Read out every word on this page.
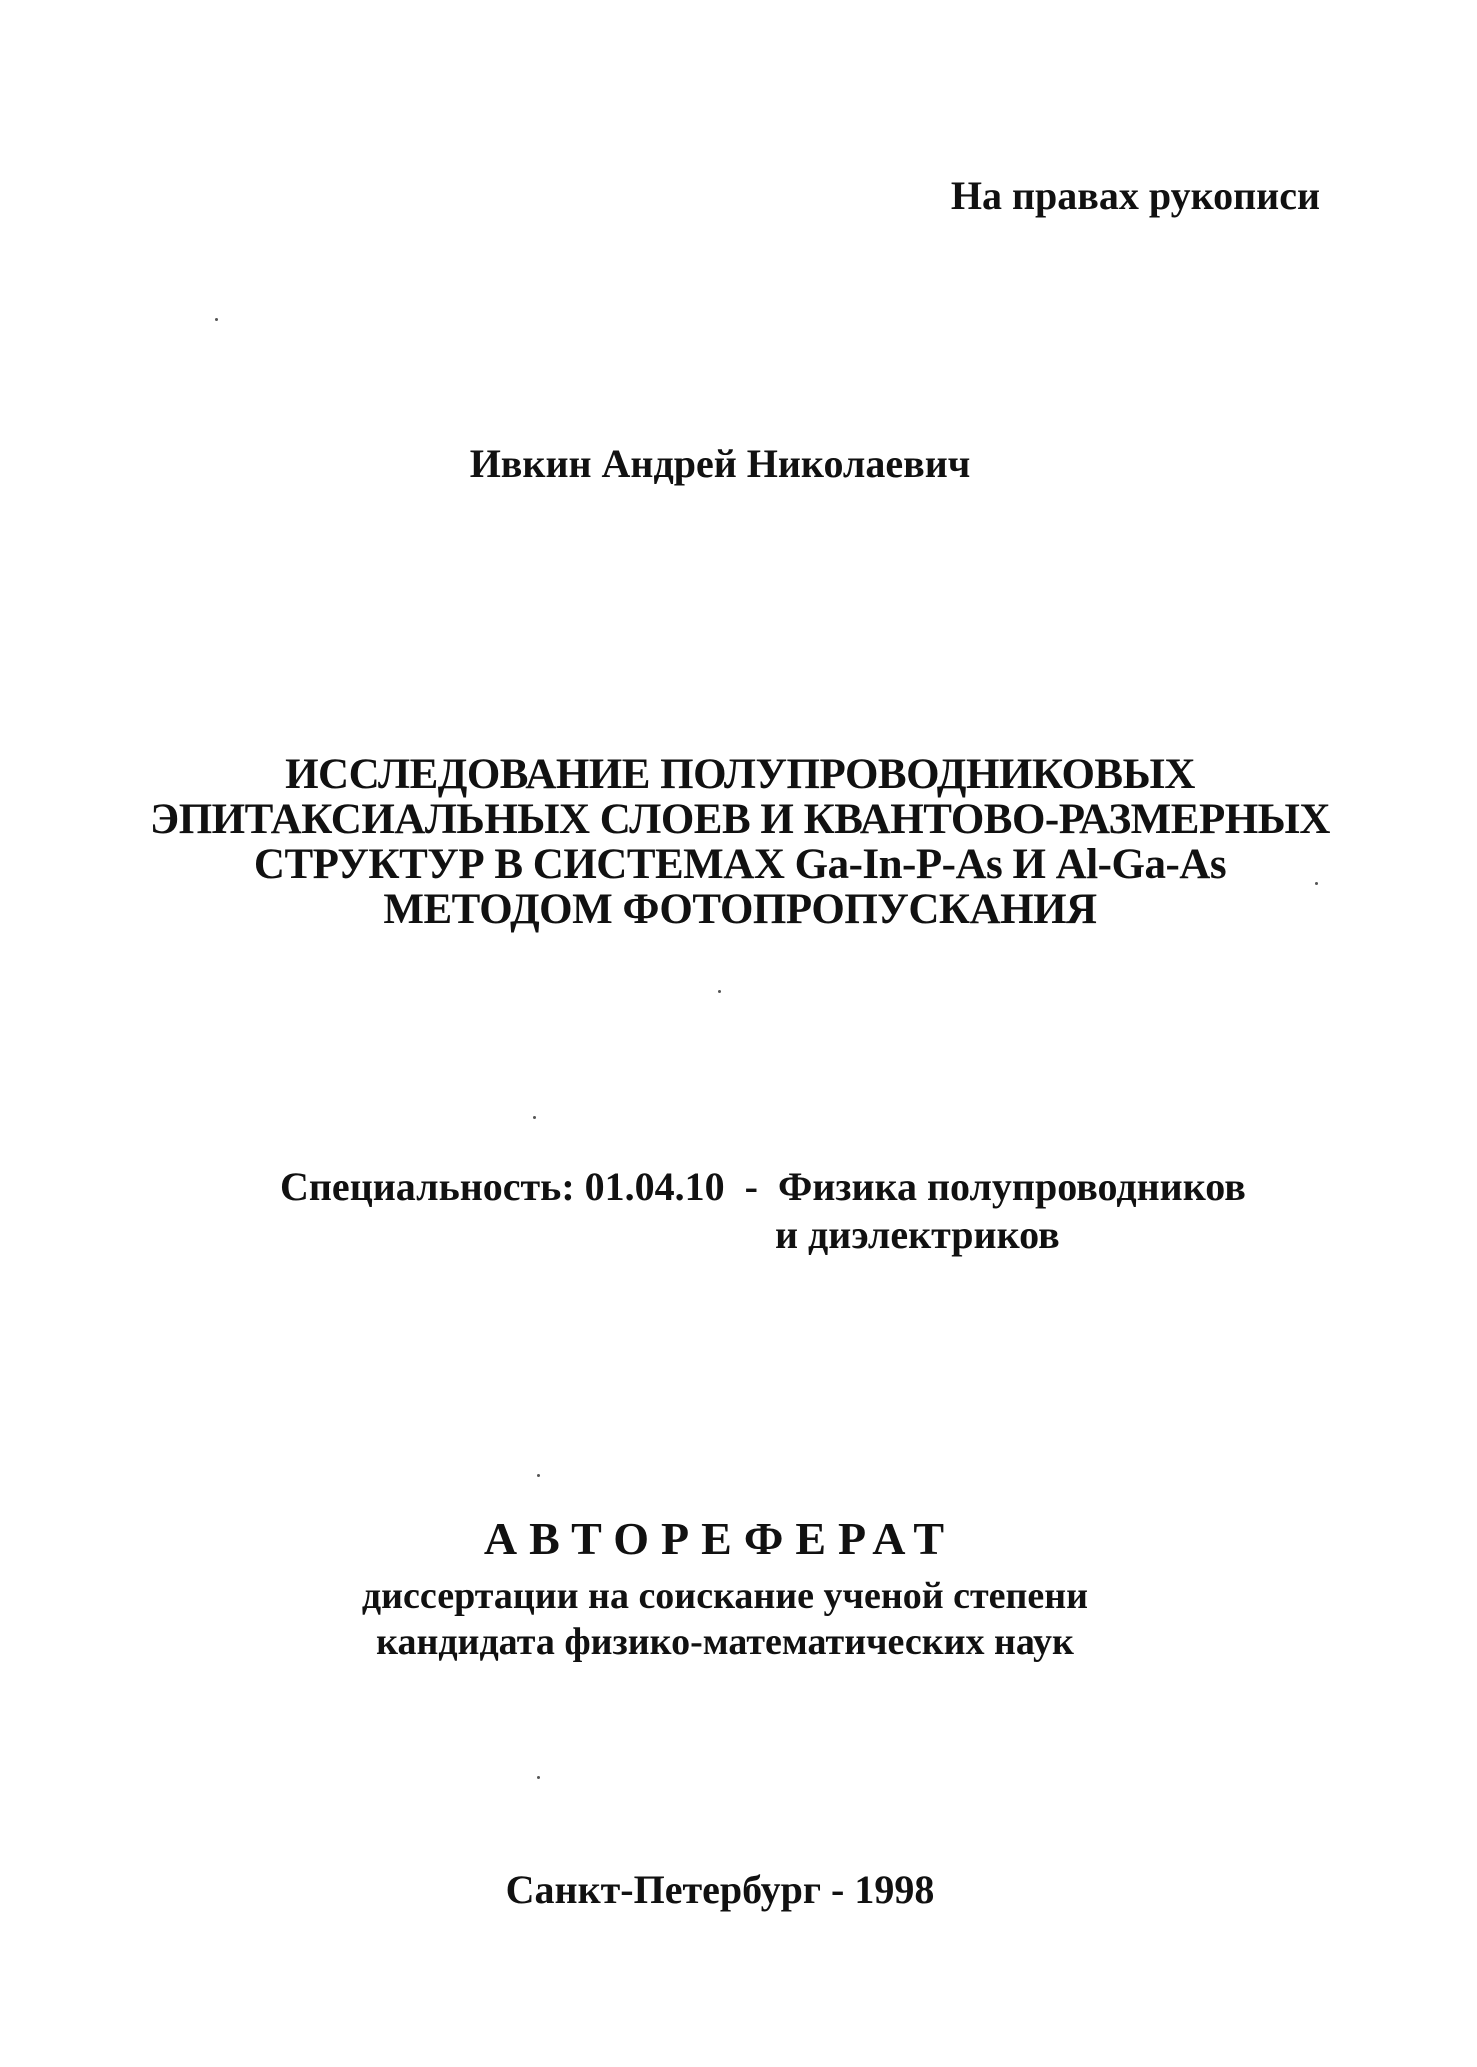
На правах рукописи
Ивкин Андрей Николаевич
ИССЛЕДОВАНИЕ ПОЛУПРОВОДНИКОВЫХ
ЭПИТАКСИАЛЬНЫХ СЛОЕВ И КВАНТОВО-РАЗМЕРНЫХ
СТРУКТУР В СИСТЕМАХ Ga-In-P-As И Al-Ga-As
МЕТОДОМ ФОТОПРОПУСКАНИЯ
Специальность: 01.04.10 - Физика полупроводников
и диэлектриков
АВТОРЕФЕРАТ
диссертации на соискание ученой степени
кандидата физико-математических наук
Санкт-Петербург - 1998
